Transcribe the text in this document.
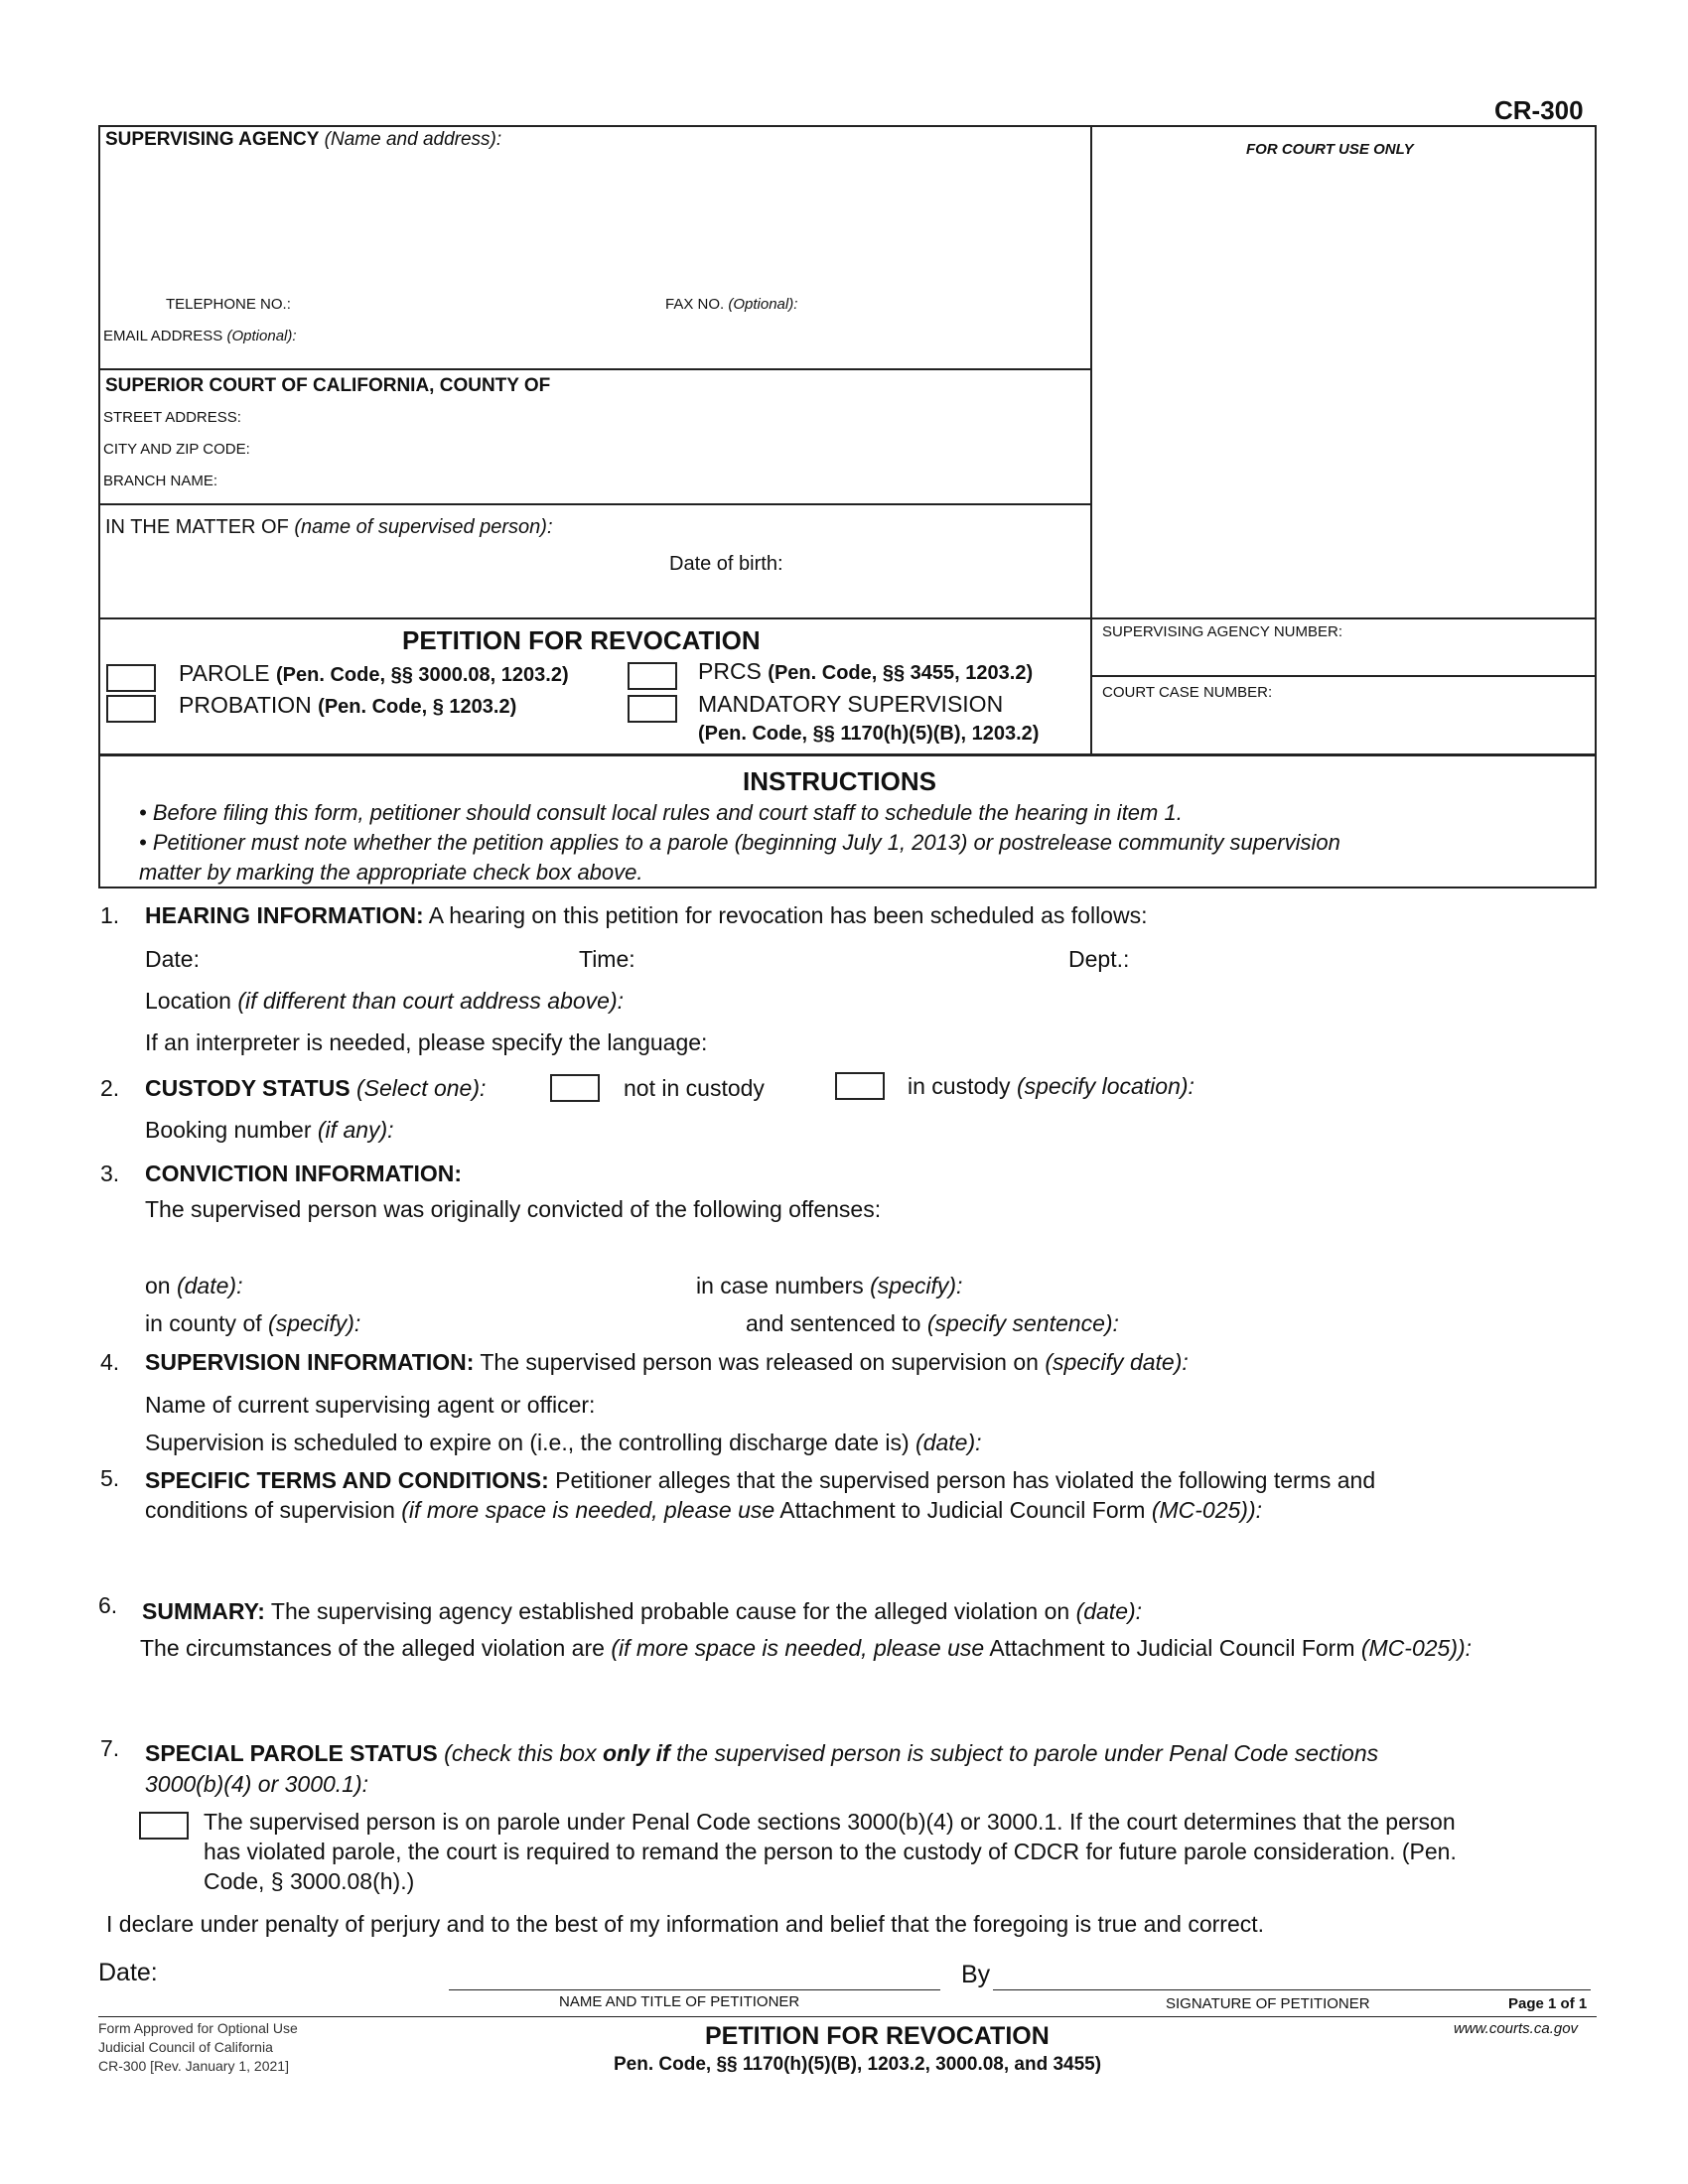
CR-300
SUPERVISING AGENCY (Name and address):
TELEPHONE NO.:	FAX NO. (Optional):
EMAIL ADDRESS (Optional):
FOR COURT USE ONLY
SUPERIOR COURT OF CALIFORNIA, COUNTY OF
STREET ADDRESS:
CITY AND ZIP CODE:
BRANCH NAME:
IN THE MATTER OF (name of supervised person):
Date of birth:
PETITION FOR REVOCATION
PAROLE (Pen. Code, §§ 3000.08, 1203.2)
PROBATION (Pen. Code, § 1203.2)
PRCS (Pen. Code, §§ 3455, 1203.2)
MANDATORY SUPERVISION
(Pen. Code, §§ 1170(h)(5)(B), 1203.2)
SUPERVISING AGENCY NUMBER:
COURT CASE NUMBER:
INSTRUCTIONS
• Before filing this form, petitioner should consult local rules and court staff to schedule the hearing in item 1.
• Petitioner must note whether the petition applies to a parole (beginning July 1, 2013) or postrelease community supervision
matter by marking the appropriate check box above.
1. HEARING INFORMATION: A hearing on this petition for revocation has been scheduled as follows:
Date:	Time:	Dept.:
Location (if different than court address above):
If an interpreter is needed, please specify the language:
2. CUSTODY STATUS (Select one):	not in custody	in custody (specify location):
Booking number (if any):
3. CONVICTION INFORMATION:
The supervised person was originally convicted of the following offenses:
on (date):	in case numbers (specify):
in county of (specify):	and sentenced to (specify sentence):
4. SUPERVISION INFORMATION: The supervised person was released on supervision on (specify date):
Name of current supervising agent or officer:
Supervision is scheduled to expire on (i.e., the controlling discharge date is) (date):
5. SPECIFIC TERMS AND CONDITIONS: Petitioner alleges that the supervised person has violated the following terms and
conditions of supervision (if more space is needed, please use Attachment to Judicial Council Form (MC-025)):
6. SUMMARY: The supervising agency established probable cause for the alleged violation on (date):
The circumstances of the alleged violation are (if more space is needed, please use Attachment to Judicial Council Form (MC-025)):
7. SPECIAL PAROLE STATUS (check this box only if the supervised person is subject to parole under Penal Code sections
3000(b)(4) or 3000.1):
The supervised person is on parole under Penal Code sections 3000(b)(4) or 3000.1. If the court determines that the person
has violated parole, the court is required to remand the person to the custody of CDCR for future parole consideration. (Pen.
Code, § 3000.08(h).)
I declare under penalty of perjury and to the best of my information and belief that the foregoing is true and correct.
Date:	By
NAME AND TITLE OF PETITIONER	SIGNATURE OF PETITIONER	Page 1 of 1
Form Approved for Optional Use
Judicial Council of California
CR-300 [Rev. January 1, 2021]
PETITION FOR REVOCATION
Pen. Code, §§ 1170(h)(5)(B), 1203.2, 3000.08, and 3455)
www.courts.ca.gov
